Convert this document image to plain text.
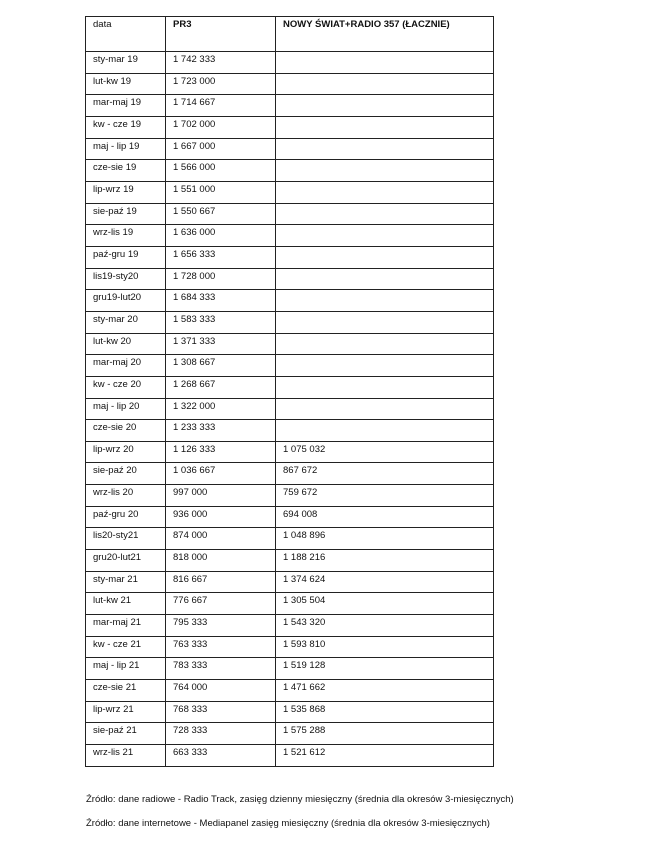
data	PR3	NOWY ŚWIAT+RADIO 357 (ŁACZNIE)
sty-mar 19	1 742 333	
lut-kw 19	1 723 000	
mar-maj 19	1 714 667	
kw - cze 19	1 702 000	
maj - lip 19	1 667 000	
cze-sie 19	1 566 000	
lip-wrz 19	1 551 000	
sie-paź 19	1 550 667	
wrz-lis 19	1 636 000	
paź-gru 19	1 656 333	
lis19-sty20	1 728 000	
gru19-lut20	1 684 333	
sty-mar 20	1 583 333	
lut-kw 20	1 371 333	
mar-maj 20	1 308 667	
kw - cze 20	1 268 667	
maj - lip 20	1 322 000	
cze-sie 20	1 233 333	
lip-wrz 20	1 126 333	1 075 032
sie-paź 20	1 036 667	867 672
wrz-lis 20	997 000	759 672
paź-gru 20	936 000	694 008
lis20-sty21	874 000	1 048 896
gru20-lut21	818 000	1 188 216
sty-mar 21	816 667	1 374 624
lut-kw 21	776 667	1 305 504
mar-maj 21	795 333	1 543 320
kw - cze 21	763 333	1 593 810
maj - lip 21	783 333	1 519 128
cze-sie 21	764 000	1 471 662
lip-wrz 21	768 333	1 535 868
sie-paź 21	728 333	1 575 288
wrz-lis 21	663 333	1 521 612
Źródło: dane radiowe - Radio Track, zasięg dzienny miesięczny (średnia dla okresów 3-miesięcznych)
Źródło: dane internetowe - Mediapanel zasięg miesięczny (średnia dla okresów 3-miesięcznych)
